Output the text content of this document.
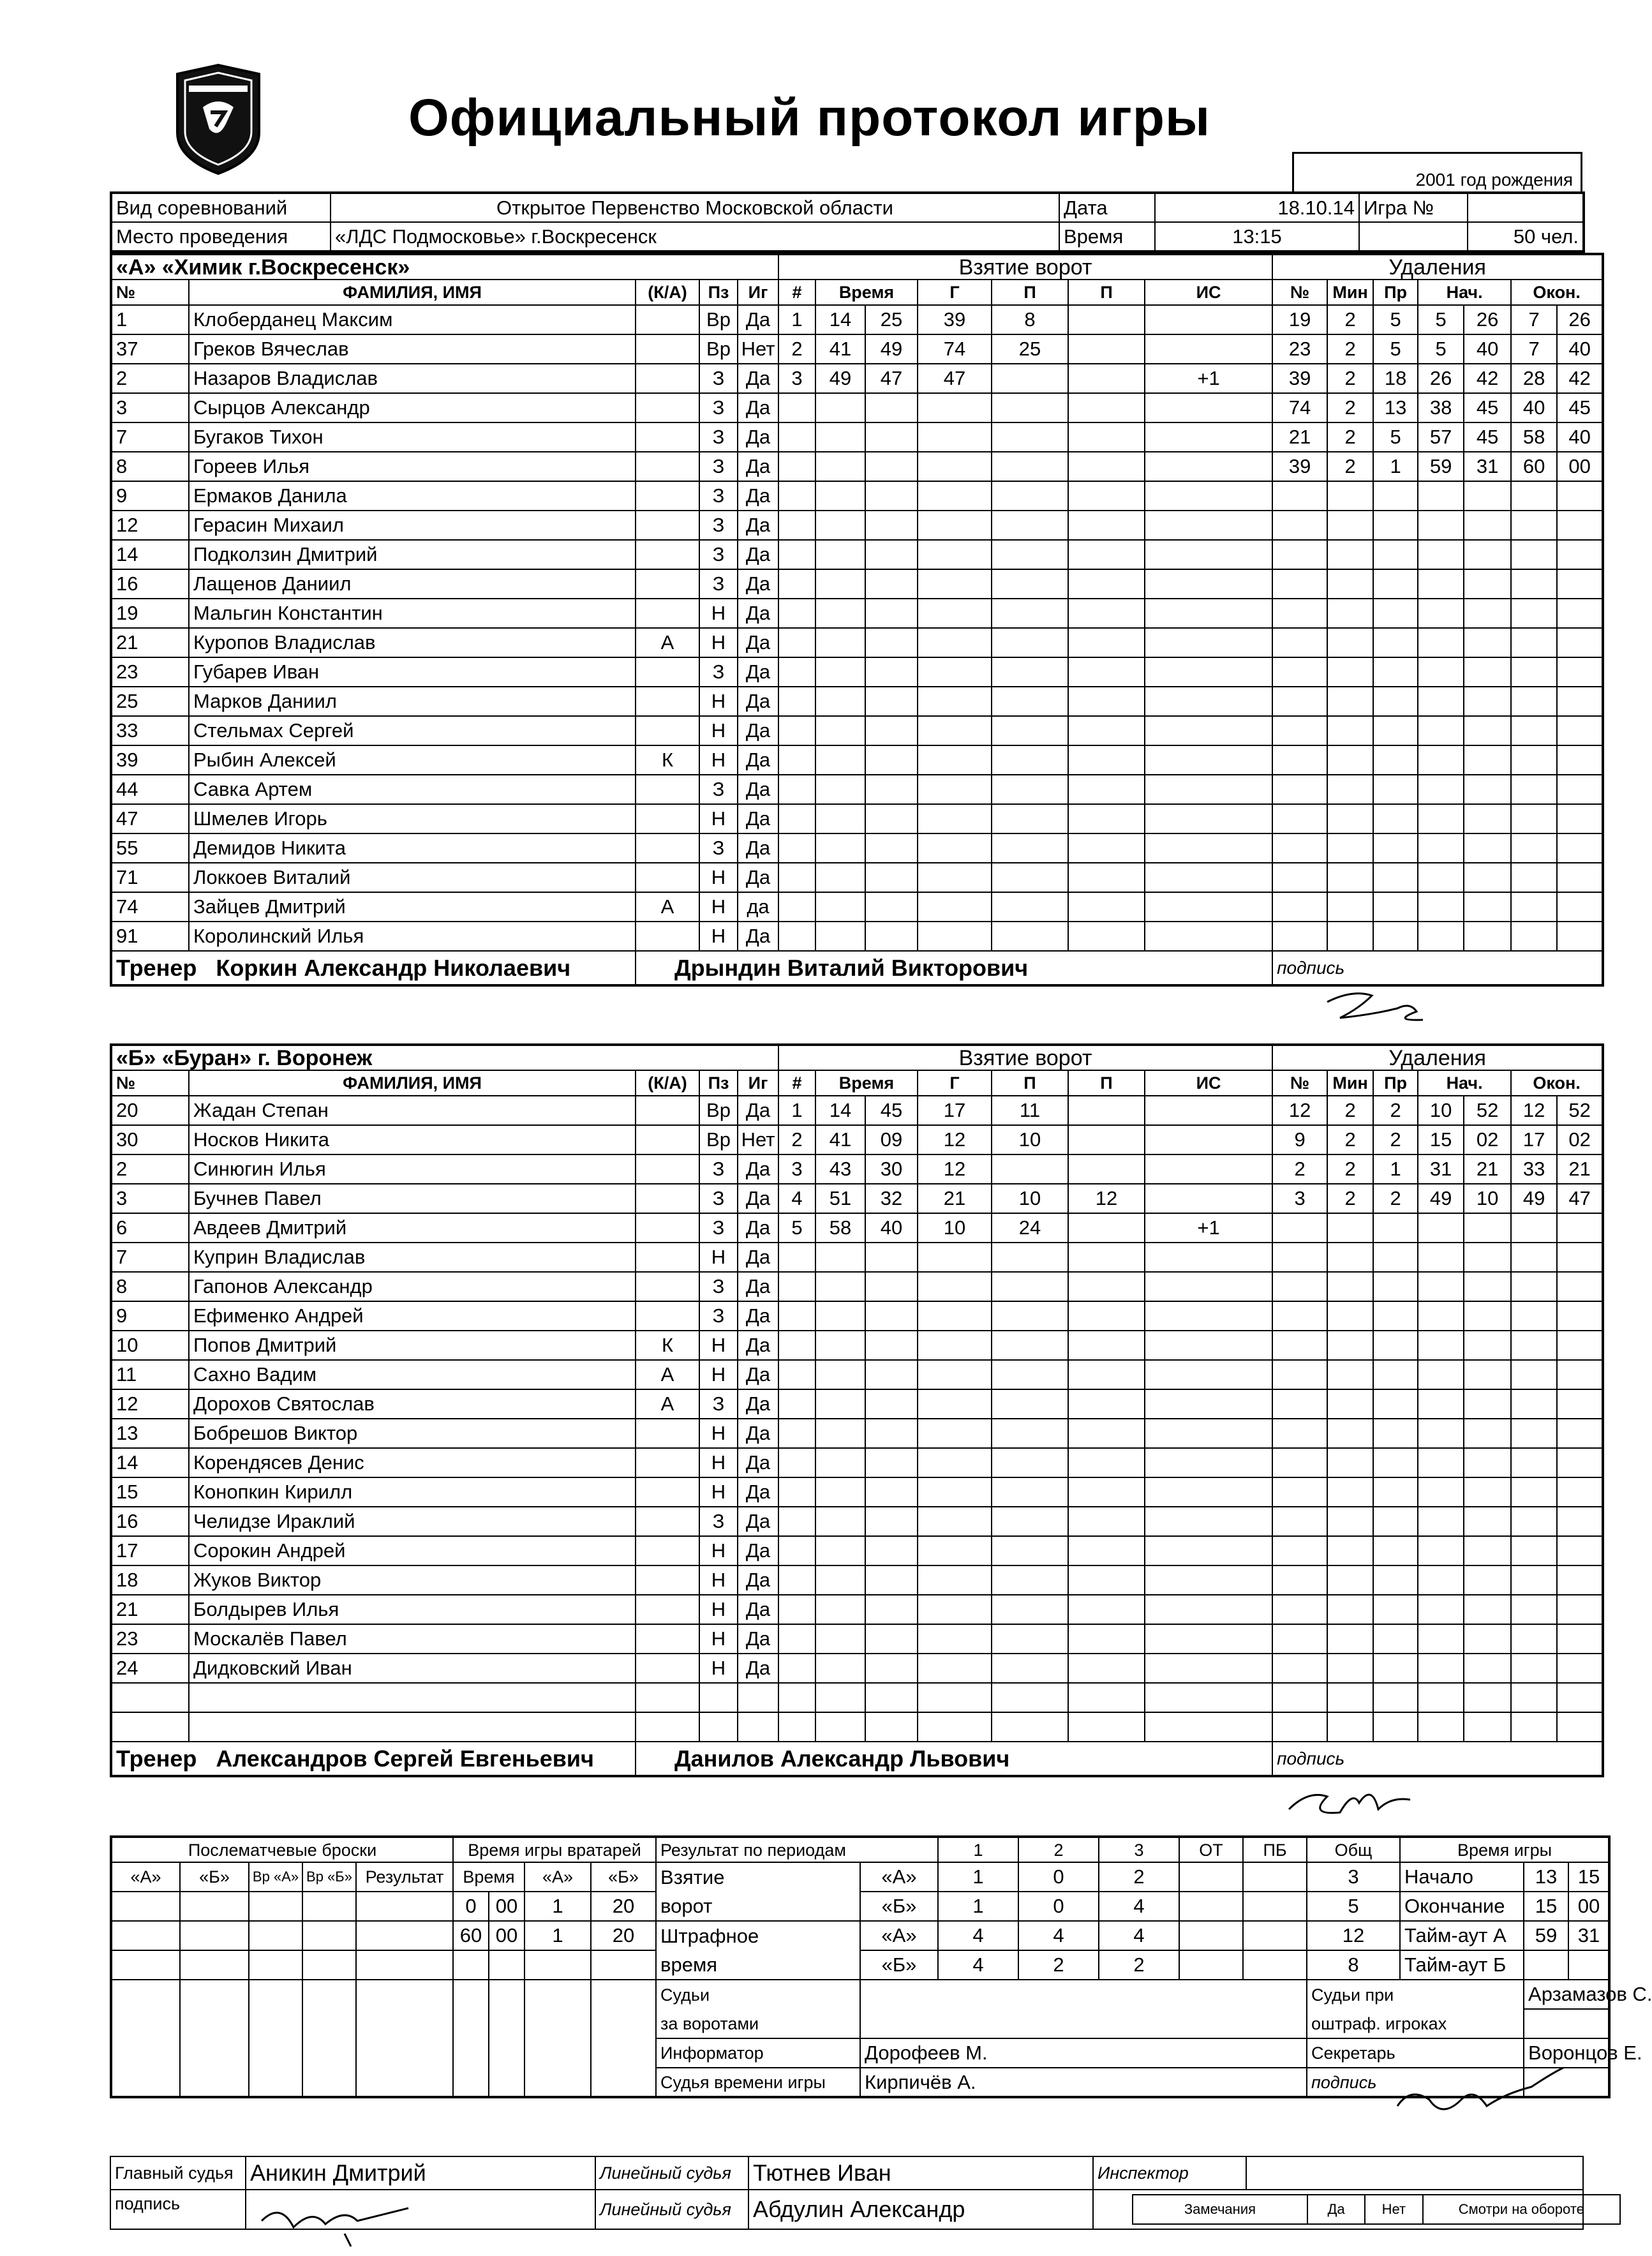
Официальный протокол игры
2001 год рождения
Вид соревнований	Открытое Первенство Московской области	Дата	18.10.14	Игра №	
Место проведения	«ЛДС Подмосковье» г.Воскресенск	Время	13:15		50 чел.
«А» «Химик г.Воскресенск»					Взятие ворот							Удаления						
№	ФАМИЛИЯ, ИМЯ	(К/А)	Пз	Иг	#	Время		Г	П	П	ИС	№	Мин	Пр	Нач.		Окон.	
1	Клоберданец Максим		Вр	Да	1	14	25	39	8			19	2	5	5	26	7	26
37	Греков Вячеслав		Вр	Нет	2	41	49	74	25			23	2	5	5	40	7	40
2	Назаров Владислав		З	Да	3	49	47	47			+1	39	2	18	26	42	28	42
3	Сырцов Александр		З	Да								74	2	13	38	45	40	45
7	Бугаков Тихон		З	Да								21	2	5	57	45	58	40
8	Гореев Илья		З	Да								39	2	1	59	31	60	00
9	Ермаков Данила		З	Да														
12	Герасин Михаил		З	Да														
14	Подколзин Дмитрий		З	Да														
16	Лащенов Даниил		З	Да														
19	Мальгин Константин		Н	Да														
21	Куропов Владислав	А	Н	Да														
23	Губарев Иван		З	Да														
25	Марков Даниил		Н	Да														
33	Стельмах Сергей		Н	Да														
39	Рыбин Алексей	К	Н	Да														
44	Савка Артем		З	Да														
47	Шмелев Игорь		Н	Да														
55	Демидов Никита		З	Да														
71	Локкоев Виталий		Н	Да														
74	Зайцев Дмитрий	А	Н	да														
91	Королинский Илья		Н	Да														
Тренер Коркин Александр Николаевич		Дрындин Виталий Викторович										подпись						
«Б» «Буран» г. Воронеж					Взятие ворот							Удаления						
№	ФАМИЛИЯ, ИМЯ	(К/А)	Пз	Иг	#	Время		Г	П	П	ИС	№	Мин	Пр	Нач.		Окон.	
20	Жадан Степан		Вр	Да	1	14	45	17	11			12	2	2	10	52	12	52
30	Носков Никита		Вр	Нет	2	41	09	12	10			9	2	2	15	02	17	02
2	Синюгин Илья		З	Да	3	43	30	12				2	2	1	31	21	33	21
3	Бучнев Павел		З	Да	4	51	32	21	10	12		3	2	2	49	10	49	47
6	Авдеев Дмитрий		З	Да	5	58	40	10	24		+1							
7	Куприн Владислав		Н	Да														
8	Гапонов Александр		З	Да														
9	Ефименко Андрей		З	Да														
10	Попов Дмитрий	К	Н	Да														
11	Сахно Вадим	А	Н	Да														
12	Дорохов Святослав	А	З	Да														
13	Бобрешов Виктор		Н	Да														
14	Корендясев Денис		Н	Да														
15	Конопкин Кирилл		Н	Да														
16	Челидзе Ираклий		З	Да														
17	Сорокин Андрей		Н	Да														
18	Жуков Виктор		Н	Да														
21	Болдырев Илья		Н	Да														
23	Москалёв Павел		Н	Да														
24	Дидковский Иван		Н	Да														

Тренер Александров Сергей Евгеньевич		Данилов Александр Львович										подпись						
Послематчевые броски					Время игры вратарей				Результат по периодам		1	2	3	ОТ	ПБ	Общ	Время игры		
«А»	«Б»	Вр «А»	Вр «Б»	Результат	Время		«А»	«Б»	Взятие	«А»	1	0	2			3	Начало	13	15
					0	00	1	20	ворот	«Б»	1	0	4			5	Окончание	15	00
					60	00	1	20	Штрафное	«А»	4	4	4			12	Тайм-аут А	59	31
									время	«Б»	4	2	2			8	Тайм-аут Б		
									Судьи							Судьи при		Арзамазов С.	
									за воротами							оштраф. игроках			
									Информатор	Дорофеев М.						Секретарь		Воронцов Е.	
									Судья времени игры	Кирпичёв А.						подпись			
Главный судья	Аникин Дмитрий	Линейный судья	Тютнев Иван	Инспектор	
подпись		Линейный судья	Абдулин Александр		Замечания	Да	Нет	Смотри на обороте
